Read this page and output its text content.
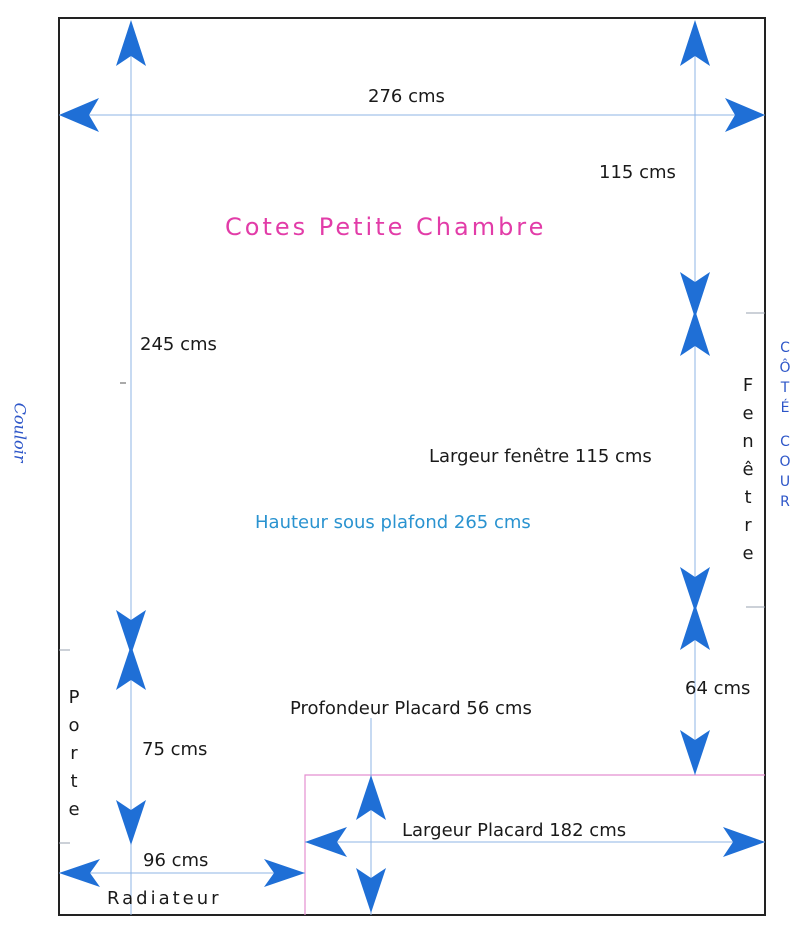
276 cms
115 cms
Cotes Petite Chambre
245 cms
Largeur fenêtre 115 cms
Hauteur sous plafond 265 cms
64 cms
Profondeur Placard 56 cms
75 cms
Largeur Placard 182 cms
96 cms
Radiateur
F
e
n
ê
t
r
e
P
o
r
t
e
Couloir
C
Ô
T
É

C
O
U
R
